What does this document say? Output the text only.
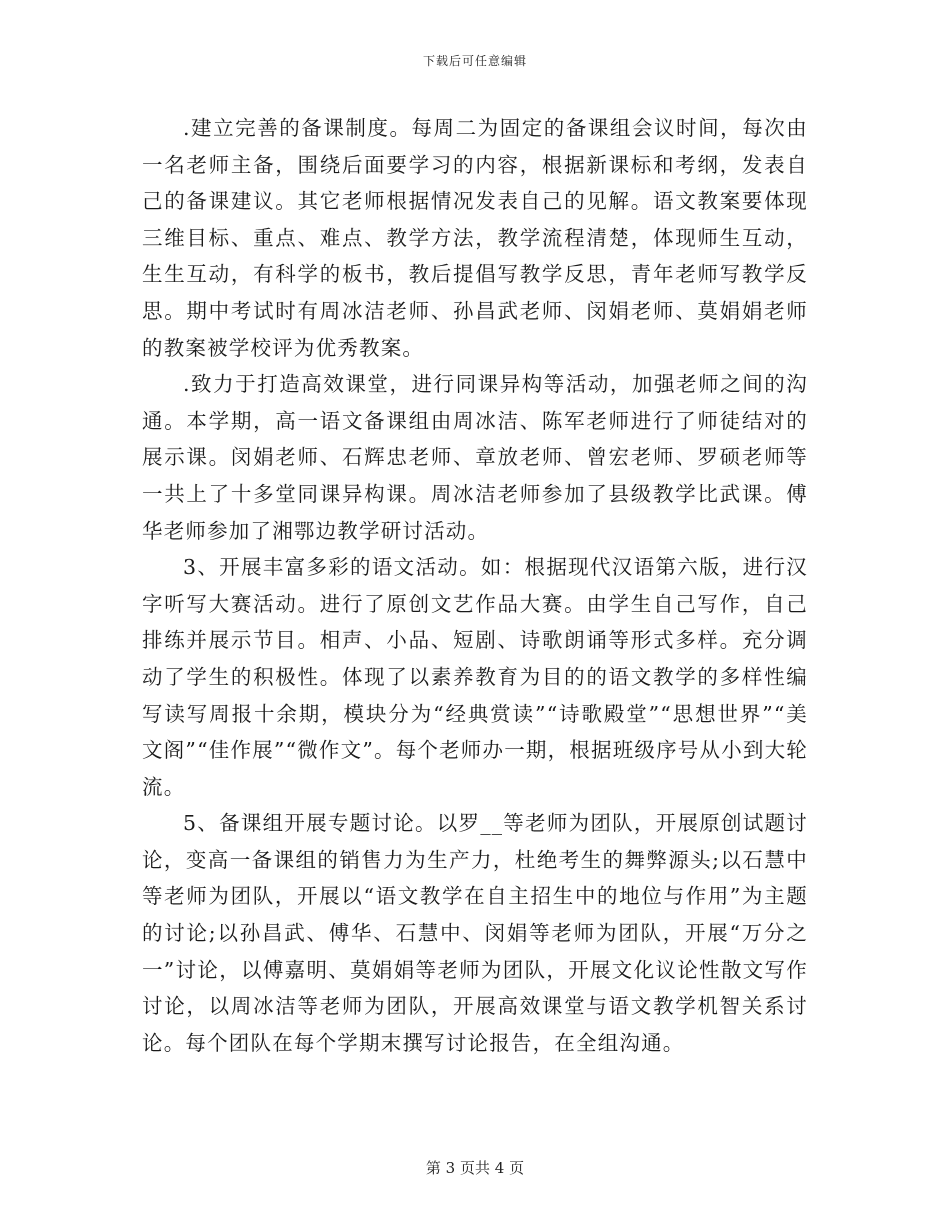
下载后可任意编辑

.建立完善的备课制度。每周二为固定的备课组会议时间，每次由一名老师主备，围绕后面要学习的内容，根据新课标和考纲，发表自己的备课建议。其它老师根据情况发表自己的见解。语文教案要体现三维目标、重点、难点、教学方法，教学流程清楚，体现师生互动，生生互动，有科学的板书，教后提倡写教学反思，青年老师写教学反思。期中考试时有周冰洁老师、孙昌武老师、闵娟老师、莫娟娟老师的教案被学校评为优秀教案。

.致力于打造高效课堂，进行同课异构等活动，加强老师之间的沟通。本学期，高一语文备课组由周冰洁、陈军老师进行了师徒结对的展示课。闵娟老师、石辉忠老师、章放老师、曾宏老师、罗硕老师等一共上了十多堂同课异构课。周冰洁老师参加了县级教学比武课。傅华老师参加了湘鄂边教学研讨活动。

3、开展丰富多彩的语文活动。如：根据现代汉语第六版，进行汉字听写大赛活动。进行了原创文艺作品大赛。由学生自己写作，自己排练并展示节目。相声、小品、短剧、诗歌朗诵等形式多样。充分调动了学生的积极性。体现了以素养教育为目的的语文教学的多样性编写读写周报十余期，模块分为“经典赏读”“诗歌殿堂”“思想世界”“美文阁”“佳作展”“微作文”。每个老师办一期，根据班级序号从小到大轮流。

5、备课组开展专题讨论。以罗__等老师为团队，开展原创试题讨论，变高一备课组的销售力为生产力，杜绝考生的舞弊源头;以石慧中等老师为团队，开展以“语文教学在自主招生中的地位与作用”为主题的讨论;以孙昌武、傅华、石慧中、闵娟等老师为团队，开展“万分之一”讨论，以傅嘉明、莫娟娟等老师为团队，开展文化议论性散文写作讨论，以周冰洁等老师为团队，开展高效课堂与语文教学机智关系讨论。每个团队在每个学期末撰写讨论报告，在全组沟通。

第 3 页共 4 页
